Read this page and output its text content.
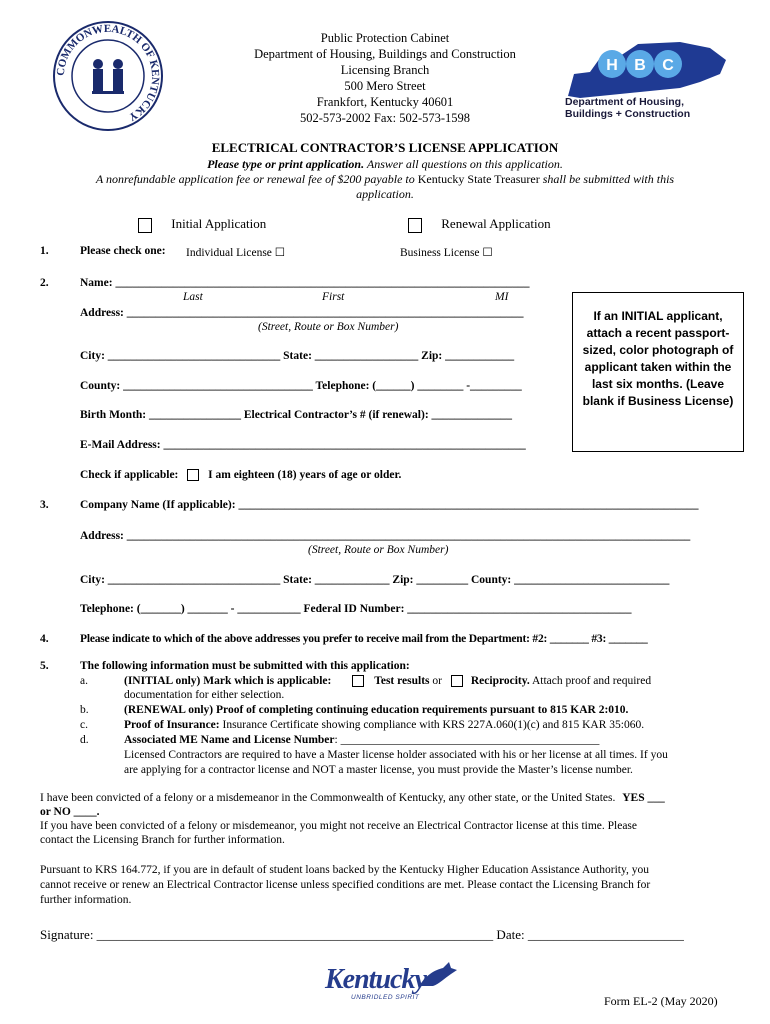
COMMONWEALTH OF KENTUCKY
Public Protection Cabinet
Department of Housing, Buildings and Construction
Licensing Branch
500 Mero Street
Frankfort, Kentucky 40601
502-573-2002 Fax: 502-573-1598
H B C
Department of Housing,
Buildings + Construction
ELECTRICAL CONTRACTOR’S LICENSE APPLICATION
Please type or print application. Answer all questions on this application.
A nonrefundable application fee or renewal fee of $200 payable to Kentucky State Treasurer shall be submitted with this
application.
Initial Application	Renewal Application
1.	Please check one: Individual License ☐	Business License ☐
2.	Name: ________________________________________________________________________
Last	First	MI
Address: _____________________________________________________________________
(Street, Route or Box Number)
City: ______________________________ State: __________________ Zip: ____________
County: _________________________________ Telephone: (______) ________ -_________
Birth Month: ________________ Electrical Contractor’s # (if renewal): ______________
E-Mail Address: _______________________________________________________________
Check if applicable:	I am eighteen (18) years of age or older.
If an INITIAL applicant, attach a recent passport-sized, color photograph of applicant taken within the last six months. (Leave blank if Business License)
3.	Company Name (If applicable): ________________________________________________________________________________
Address: __________________________________________________________________________________________________
(Street, Route or Box Number)
City: ______________________________ State: _____________ Zip: _________ County: ___________________________
Telephone: (_______) _______ - ___________ Federal ID Number: _______________________________________
4.	Please indicate to which of the above addresses you prefer to receive mail from the Department: #2: _______ #3: _______
5.	The following information must be submitted with this application:
a.	(INITIAL only) Mark which is applicable:	Test results or Reciprocity. Attach proof and required
documentation for either selection.
b.	(RENEWAL only) Proof of completing continuing education requirements pursuant to 815 KAR 2:010.
c.	Proof of Insurance: Insurance Certificate showing compliance with KRS 227A.060(1)(c) and 815 KAR 35:060.
d.	Associated ME Name and License Number: _____________________________________________
Licensed Contractors are required to have a Master license holder associated with his or her license at all times. If you
are applying for a contractor license and NOT a master license, you must provide the Master’s license number.
I have been convicted of a felony or a misdemeanor in the Commonwealth of Kentucky, any other state, or the United States. YES ___
or NO ____.
If you have been convicted of a felony or misdemeanor, you might not receive an Electrical Contractor license at this time. Please
contact the Licensing Branch for further information.
Pursuant to KRS 164.772, if you are in default of student loans backed by the Kentucky Higher Education Assistance Authority, you
cannot receive or renew an Electrical Contractor license unless specified conditions are met. Please contact the Licensing Branch for
further information.
Signature: _____________________________________________________________ Date: ________________________
Kentucky
UNBRIDLED SPIRIT	Form EL-2 (May 2020)
